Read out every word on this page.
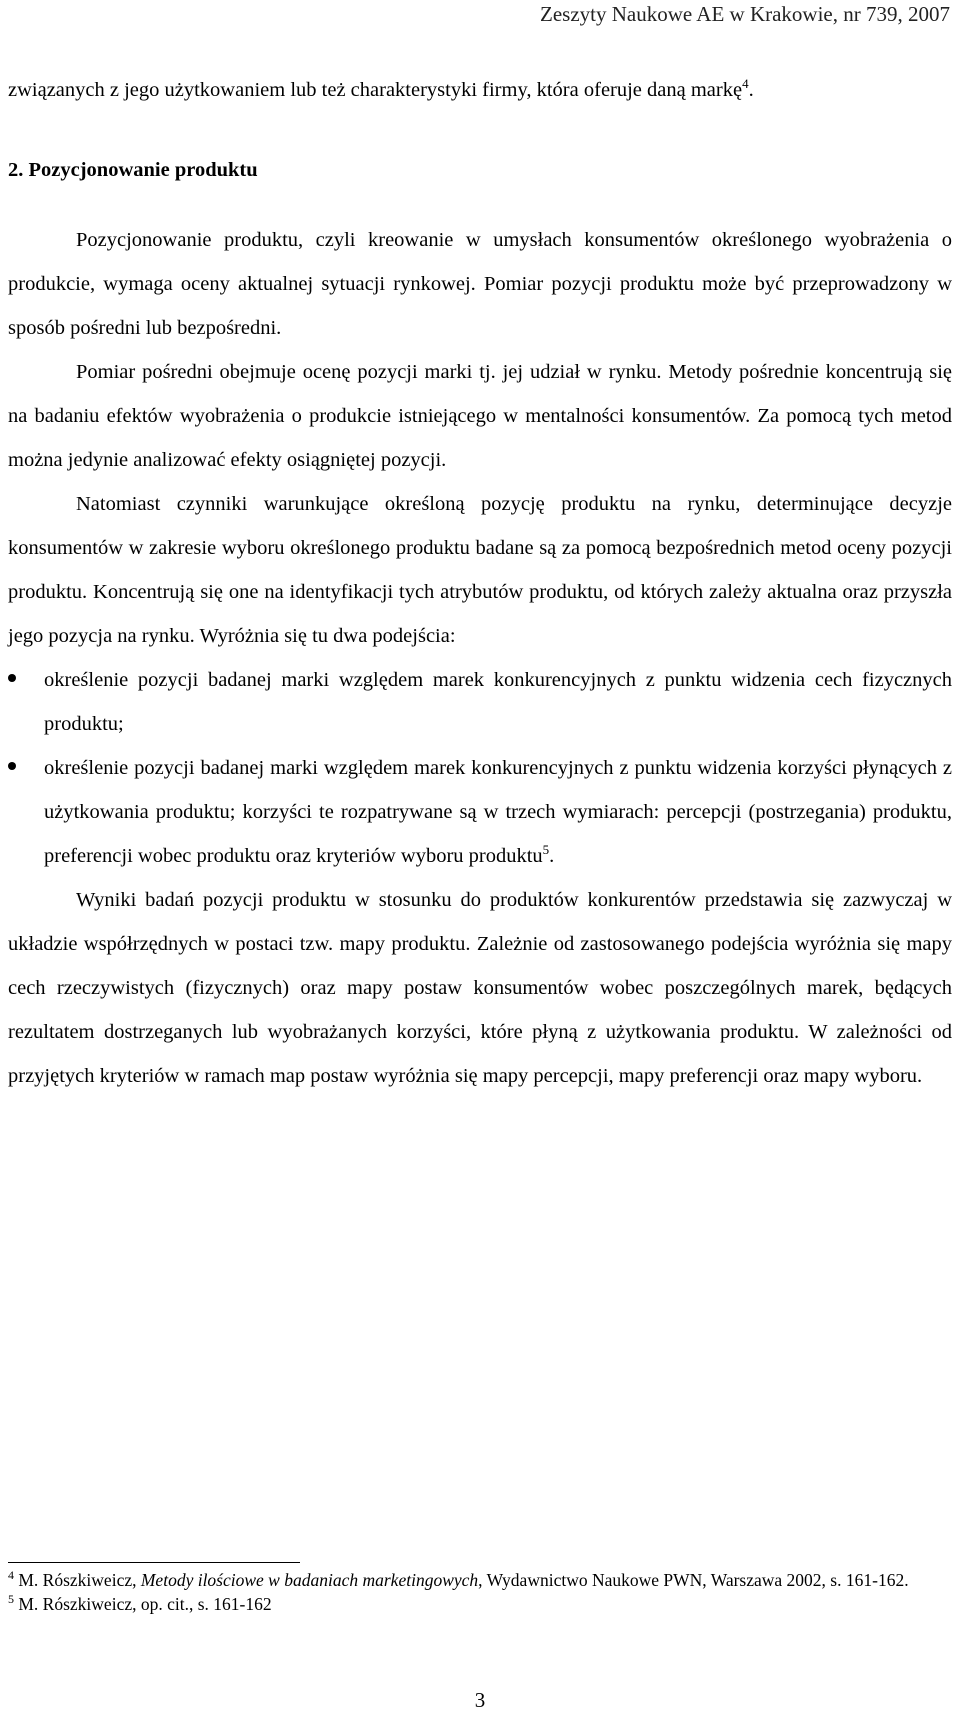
Zeszyty Naukowe AE w Krakowie, nr 739, 2007

związanych z jego użytkowaniem lub też charakterystyki firmy, która oferuje daną markę$^4$.

2. Pozycjonowanie produktu

Pozycjonowanie produktu, czyli kreowanie w umysłach konsumentów określonego wyobrażenia o produkcie, wymaga oceny aktualnej sytuacji rynkowej. Pomiar pozycji produktu może być przeprowadzony w sposób pośredni lub bezpośredni.

Pomiar pośredni obejmuje ocenę pozycji marki tj. jej udział w rynku. Metody pośrednie koncentrują się na badaniu efektów wyobrażenia o produkcie istniejącego w mentalności konsumentów. Za pomocą tych metod można jedynie analizować efekty osiągniętej pozycji.

Natomiast czynniki warunkujące określoną pozycję produktu na rynku, determinujące decyzje konsumentów w zakresie wyboru określonego produktu badane są za pomocą bezpośrednich metod oceny pozycji produktu. Koncentrują się one na identyfikacji tych atrybutów produktu, od których zależy aktualna oraz przyszła jego pozycja na rynku. Wyróżnia się tu dwa podejścia:

określenie pozycji badanej marki względem marek konkurencyjnych z punktu widzenia cech fizycznych produktu;
określenie pozycji badanej marki względem marek konkurencyjnych z punktu widzenia korzyści płynących z użytkowania produktu; korzyści te rozpatrywane są w trzech wymiarach: percepcji (postrzegania) produktu, preferencji wobec produktu oraz kryteriów wyboru produktu$^5$.

Wyniki badań pozycji produktu w stosunku do produktów konkurentów przedstawia się zazwyczaj w układzie współrzędnych w postaci tzw. mapy produktu. Zależnie od zastosowanego podejścia wyróżnia się mapy cech rzeczywistych (fizycznych) oraz mapy postaw konsumentów wobec poszczególnych marek, będących rezultatem dostrzeganych lub wyobrażanych korzyści, które płyną z użytkowania produktu. W zależności od przyjętych kryteriów w ramach map postaw wyróżnia się mapy percepcji, mapy preferencji oraz mapy wyboru.

$^4$ M. Rószkiweicz, Metody ilościowe w badaniach marketingowych, Wydawnictwo Naukowe PWN, Warszawa 2002, s. 161-162.

$^5$ M. Rószkiweicz, op. cit., s. 161-162

3
